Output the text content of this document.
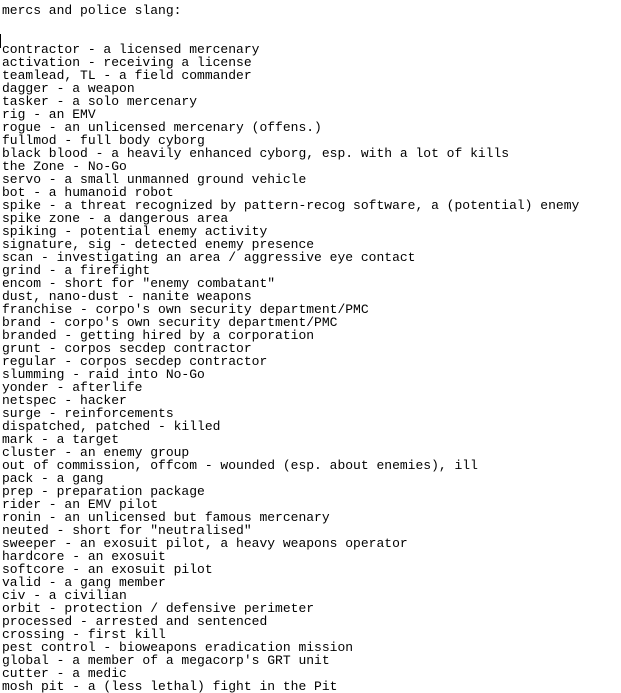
mercs and police slang:
contractor - a licensed mercenary
activation - receiving a license
teamlead, TL - a field commander
dagger - a weapon
tasker - a solo mercenary
rig - an EMV
rogue - an unlicensed mercenary (offens.)
fullmod - full body cyborg
black blood - a heavily enhanced cyborg, esp. with a lot of kills
the Zone - No-Go
servo - a small unmanned ground vehicle
bot - a humanoid robot
spike - a threat recognized by pattern-recog software, a (potential) enemy
spike zone - a dangerous area
spiking - potential enemy activity
signature, sig - detected enemy presence
scan - investigating an area / aggressive eye contact
grind - a firefight
encom - short for "enemy combatant"
dust, nano-dust - nanite weapons
franchise - corpo's own security department/PMC
brand - corpo's own security department/PMC
branded - getting hired by a corporation
grunt - corpos secdep contractor
regular - corpos secdep contractor
slumming - raid into No-Go
yonder - afterlife
netspec - hacker
surge - reinforcements
dispatched, patched - killed
mark - a target
cluster - an enemy group
out of commission, offcom - wounded (esp. about enemies), ill
pack - a gang
prep - preparation package
rider - an EMV pilot
ronin - an unlicensed but famous mercenary
neuted - short for "neutralised"
sweeper - an exosuit pilot, a heavy weapons operator
hardcore - an exosuit
softcore - an exosuit pilot
valid - a gang member
civ - a civilian
orbit - protection / defensive perimeter
processed - arrested and sentenced
crossing - first kill
pest control - bioweapons eradication mission
global - a member of a megacorp's GRT unit
cutter - a medic
mosh pit - a (less lethal) fight in the Pit
